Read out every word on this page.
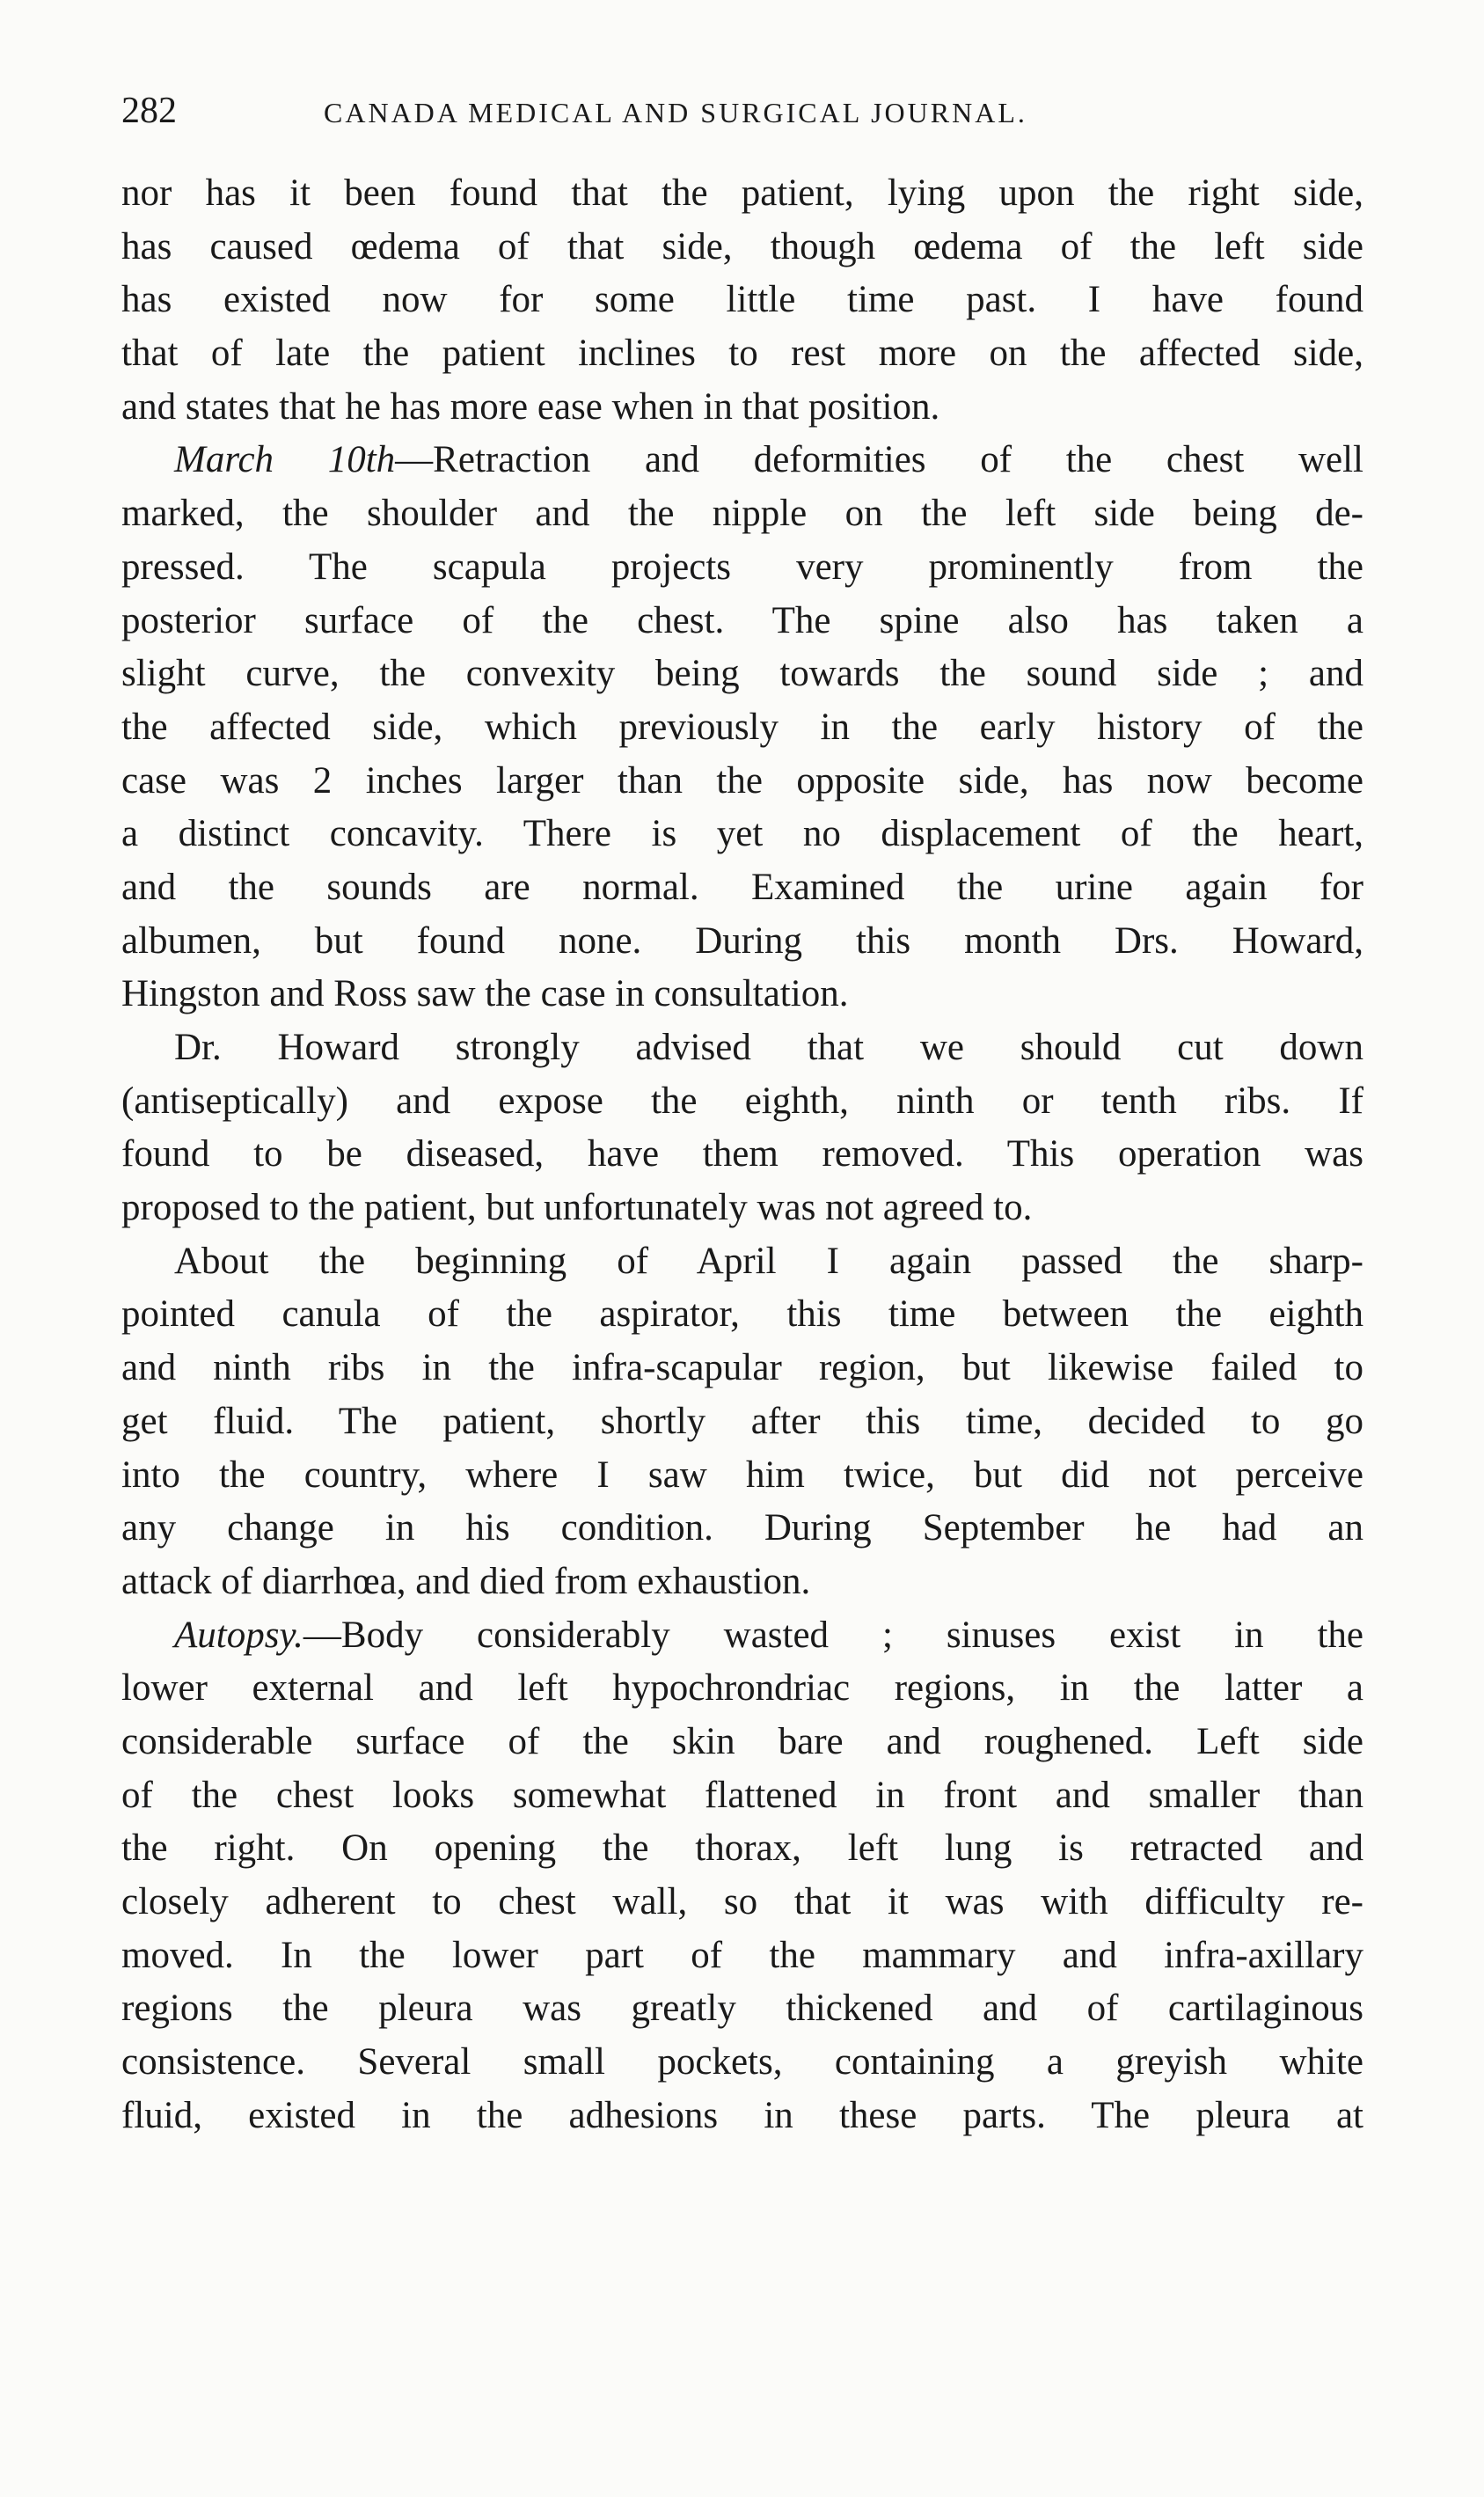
282	CANADA MEDICAL AND SURGICAL JOURNAL.
nor has it been found that the patient, lying upon the right side,
has caused œdema of that side, though œdema of the left side
has existed now for some little time past. I have found
that of late the patient inclines to rest more on the affected side,
and states that he has more ease when in that position.
March 10th—Retraction and deformities of the chest well
marked, the shoulder and the nipple on the left side being de-
pressed. The scapula projects very prominently from the
posterior surface of the chest. The spine also has taken a
slight curve, the convexity being towards the sound side ; and
the affected side, which previously in the early history of the
case was 2 inches larger than the opposite side, has now become
a distinct concavity. There is yet no displacement of the heart,
and the sounds are normal. Examined the urine again for
albumen, but found none. During this month Drs. Howard,
Hingston and Ross saw the case in consultation.
Dr. Howard strongly advised that we should cut down
(antiseptically) and expose the eighth, ninth or tenth ribs. If
found to be diseased, have them removed. This operation was
proposed to the patient, but unfortunately was not agreed to.
About the beginning of April I again passed the sharp-
pointed canula of the aspirator, this time between the eighth
and ninth ribs in the infra-scapular region, but likewise failed to
get fluid. The patient, shortly after this time, decided to go
into the country, where I saw him twice, but did not perceive
any change in his condition. During September he had an
attack of diarrhœa, and died from exhaustion.
Autopsy.—Body considerably wasted ; sinuses exist in the
lower external and left hypochrondriac regions, in the latter a
considerable surface of the skin bare and roughened. Left side
of the chest looks somewhat flattened in front and smaller than
the right. On opening the thorax, left lung is retracted and
closely adherent to chest wall, so that it was with difficulty re-
moved. In the lower part of the mammary and infra-axillary
regions the pleura was greatly thickened and of cartilaginous
consistence. Several small pockets, containing a greyish white
fluid, existed in the adhesions in these parts. The pleura at
